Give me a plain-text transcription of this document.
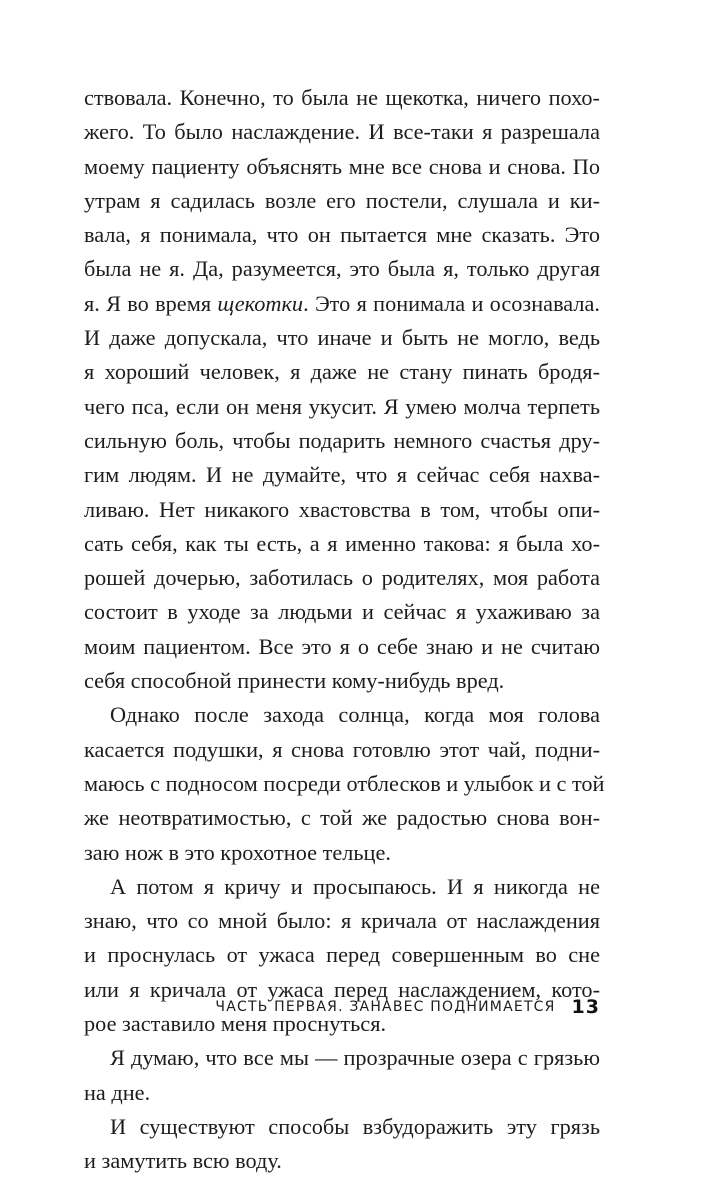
ствовала. Конечно, то была не щекотка, ничего похо-
жего. То было наслаждение. И все-таки я разрешала
моему пациенту объяснять мне все снова и снова. По
утрам я садилась возле его постели, слушала и ки-
вала, я понимала, что он пытается мне сказать. Это
была не я. Да, разумеется, это была я, только другая
я. Я во время щекотки. Это я понимала и осознавала.
И даже допускала, что иначе и быть не могло, ведь
я хороший человек, я даже не стану пинать бродя-
чего пса, если он меня укусит. Я умею молча терпеть
сильную боль, чтобы подарить немного счастья дру-
гим людям. И не думайте, что я сейчас себя нахва-
ливаю. Нет никакого хвастовства в том, чтобы опи-
сать себя, как ты есть, а я именно такова: я была хо-
рошей дочерью, заботилась о родителях, моя работа
состоит в уходе за людьми и сейчас я ухаживаю за
моим пациентом. Все это я о себе знаю и не считаю
себя способной принести кому-нибудь вред.
Однако после захода солнца, когда моя голова
касается подушки, я снова готовлю этот чай, подни-
маюсь с подносом посреди отблесков и улыбок и с той
же неотвратимостью, с той же радостью снова вон-
заю нож в это крохотное тельце.
А потом я кричу и просыпаюсь. И я никогда не
знаю, что со мной было: я кричала от наслаждения
и проснулась от ужаса перед совершенным во сне
или я кричала от ужаса перед наслаждением, кото-
рое заставило меня проснуться.
Я думаю, что все мы — прозрачные озера с грязью
на дне.
И существуют способы взбудоражить эту грязь
и замутить всю воду.
ЧАСТЬ ПЕРВАЯ. ЗАНАВЕС ПОДНИМАЕТСЯ 13
